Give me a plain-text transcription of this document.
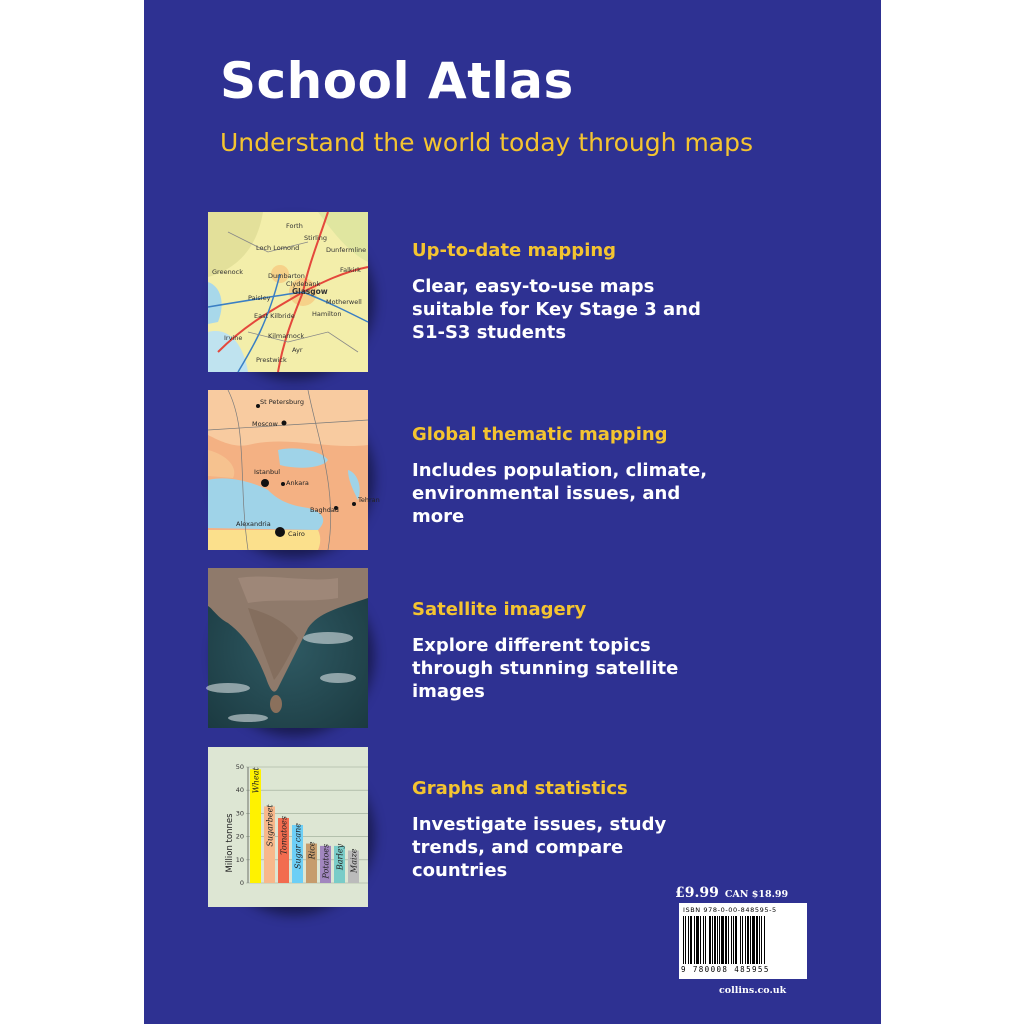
School Atlas
Understand the world today through maps
Forth
Stirling
Dunfermline
Loch Lomond
Dumbarton
Clydebank
Falkirk
Greenock
Paisley
Glasgow
Motherwell
East Kilbride	Hamilton
Irvine	Kilmarnock
Ayr
Prestwick
St Petersburg
Moscow
Istanbul
Ankara
Baghdad
Tehran
Alexandria
Cairo
Wheat
Sugarbeet Tomatoes Sugar cane Rice Potatoes Barley Maize
0
10
20
30
40
50
Million tonnes
Up-to-date mapping
Clear, easy-to-use maps suitable for Key Stage 3 and S1-S3 students
Global thematic mapping
Includes population, climate, environmental issues, and more
Satellite imagery
Explore different topics through stunning satellite images
Graphs and statistics
Investigate issues, study trends, and compare countries
£9.99 CAN $18.99
ISBN 978-0-00-848595-5
9 780008 485955
collins.co.uk
